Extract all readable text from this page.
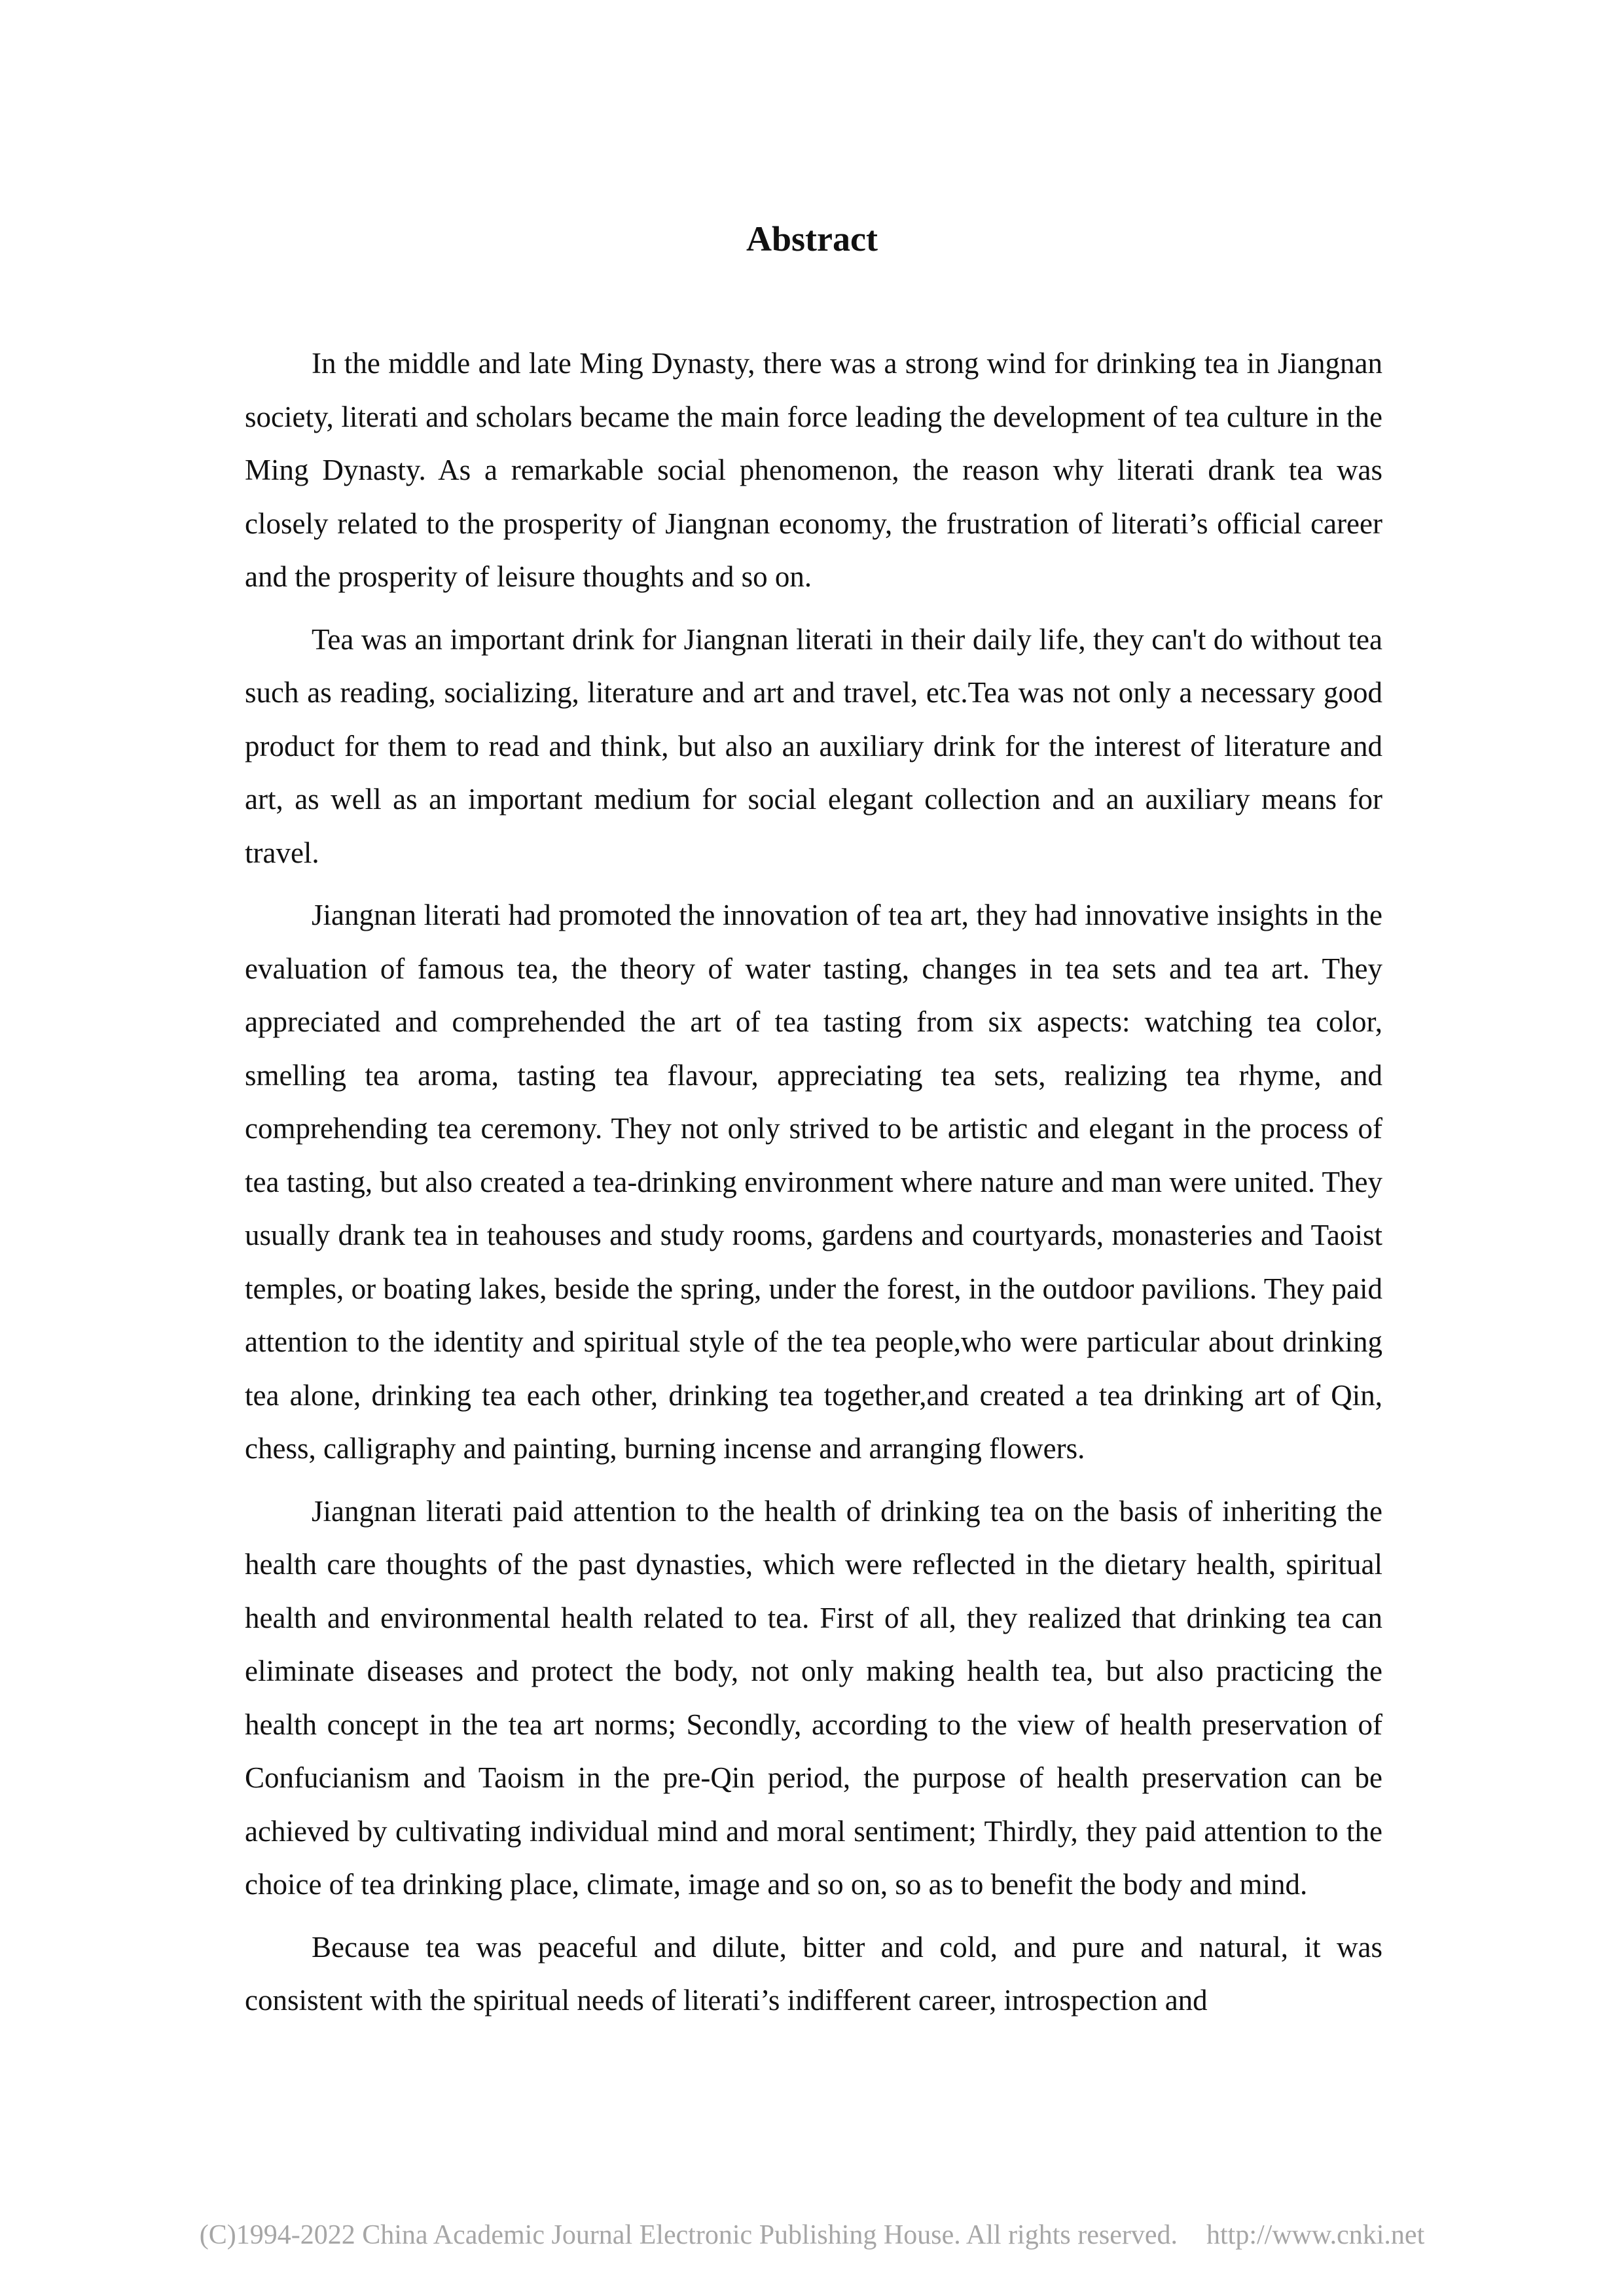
Abstract

In the middle and late Ming Dynasty, there was a strong wind for drinking tea in Jiangnan society, literati and scholars became the main force leading the development of tea culture in the Ming Dynasty. As a remarkable social phenomenon, the reason why literati drank tea was closely related to the prosperity of Jiangnan economy, the frustration of literati’s official career and the prosperity of leisure thoughts and so on.

Tea was an important drink for Jiangnan literati in their daily life, they can't do without tea such as reading, socializing, literature and art and travel, etc.Tea was not only a necessary good product for them to read and think, but also an auxiliary drink for the interest of literature and art, as well as an important medium for social elegant collection and an auxiliary means for travel.

Jiangnan literati had promoted the innovation of tea art, they had innovative insights in the evaluation of famous tea, the theory of water tasting, changes in tea sets and tea art. They appreciated and comprehended the art of tea tasting from six aspects: watching tea color, smelling tea aroma, tasting tea flavour, appreciating tea sets, realizing tea rhyme, and comprehending tea ceremony. They not only strived to be artistic and elegant in the process of tea tasting, but also created a tea-drinking environment where nature and man were united. They usually drank tea in teahouses and study rooms, gardens and courtyards, monasteries and Taoist temples, or boating lakes, beside the spring, under the forest, in the outdoor pavilions. They paid attention to the identity and spiritual style of the tea people,who were particular about drinking tea alone, drinking tea each other, drinking tea together,and created a tea drinking art of Qin, chess, calligraphy and painting, burning incense and arranging flowers.

Jiangnan literati paid attention to the health of drinking tea on the basis of inheriting the health care thoughts of the past dynasties, which were reflected in the dietary health, spiritual health and environmental health related to tea. First of all, they realized that drinking tea can eliminate diseases and protect the body, not only making health tea, but also practicing the health concept in the tea art norms; Secondly, according to the view of health preservation of Confucianism and Taoism in the pre-Qin period, the purpose of health preservation can be achieved by cultivating individual mind and moral sentiment; Thirdly, they paid attention to the choice of tea drinking place, climate, image and so on, so as to benefit the body and mind.

Because tea was peaceful and dilute, bitter and cold, and pure and natural, it was consistent with the spiritual needs of literati’s indifferent career, introspection and

(C)1994-2022 China Academic Journal Electronic Publishing House. All rights reserved. http://www.cnki.net
